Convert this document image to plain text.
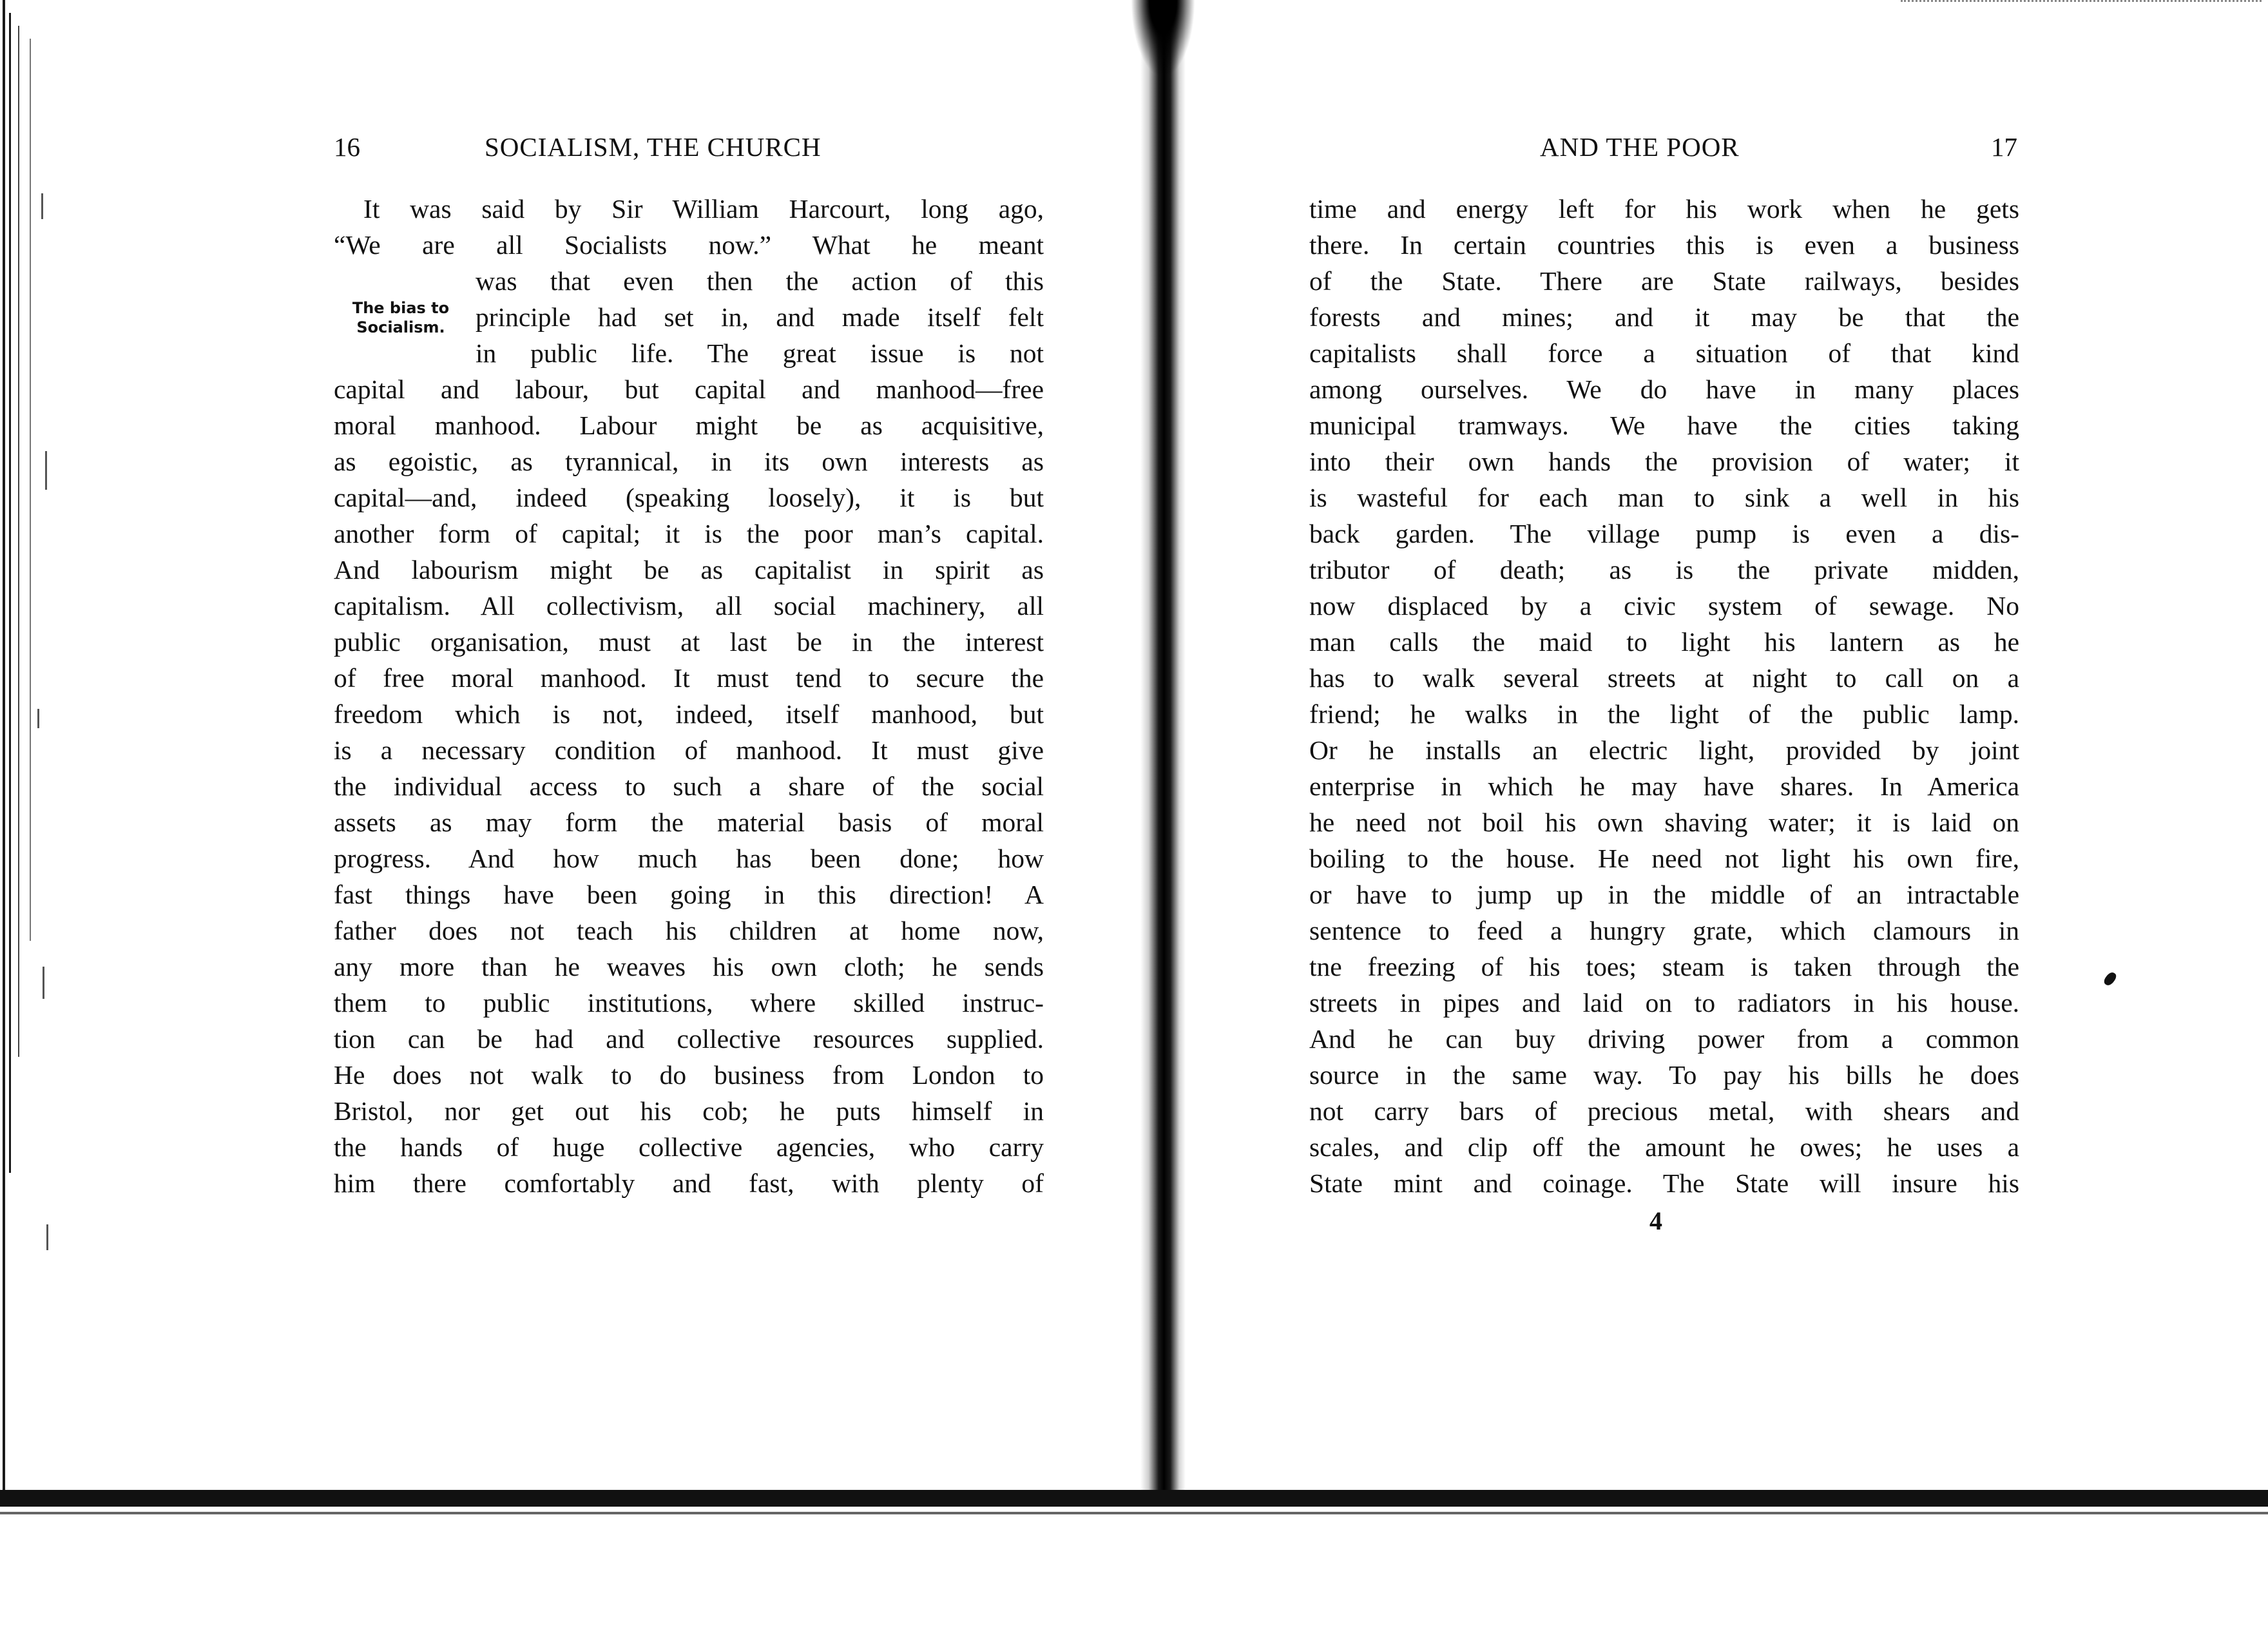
16	SOCIALISM, THE CHURCH
The bias to
Socialism.
It was said by Sir William Harcourt, long ago,
“We are all Socialists now.” What he meant
was that even then the action of this
principle had set in, and made itself felt
in public life. The great issue is not
capital and labour, but capital and manhood—free
moral manhood. Labour might be as acquisitive,
as egoistic, as tyrannical, in its own interests as
capital—and, indeed (speaking loosely), it is but
another form of capital; it is the poor man’s capital.
And labourism might be as capitalist in spirit as
capitalism. All collectivism, all social machinery, all
public organisation, must at last be in the interest
of free moral manhood. It must tend to secure the
freedom which is not, indeed, itself manhood, but
is a necessary condition of manhood. It must give
the individual access to such a share of the social
assets as may form the material basis of moral
progress. And how much has been done; how
fast things have been going in this direction! A
father does not teach his children at home now,
any more than he weaves his own cloth; he sends
them to public institutions, where skilled instruc-
tion can be had and collective resources supplied.
He does not walk to do business from London to
Bristol, nor get out his cob; he puts himself in
the hands of huge collective agencies, who carry
him there comfortably and fast, with plenty of
AND THE POOR	17
time and energy left for his work when he gets
there. In certain countries this is even a business
of the State. There are State railways, besides
forests and mines; and it may be that the
capitalists shall force a situation of that kind
among ourselves. We do have in many places
municipal tramways. We have the cities taking
into their own hands the provision of water; it
is wasteful for each man to sink a well in his
back garden. The village pump is even a dis-
tributor of death; as is the private midden,
now displaced by a civic system of sewage. No
man calls the maid to light his lantern as he
has to walk several streets at night to call on a
friend; he walks in the light of the public lamp.
Or he installs an electric light, provided by joint
enterprise in which he may have shares. In America
he need not boil his own shaving water; it is laid on
boiling to the house. He need not light his own fire,
or have to jump up in the middle of an intractable
sentence to feed a hungry grate, which clamours in
tne freezing of his toes; steam is taken through the
streets in pipes and laid on to radiators in his house.
And he can buy driving power from a common
source in the same way. To pay his bills he does
not carry bars of precious metal, with shears and
scales, and clip off the amount he owes; he uses a
State mint and coinage. The State will insure his
4
